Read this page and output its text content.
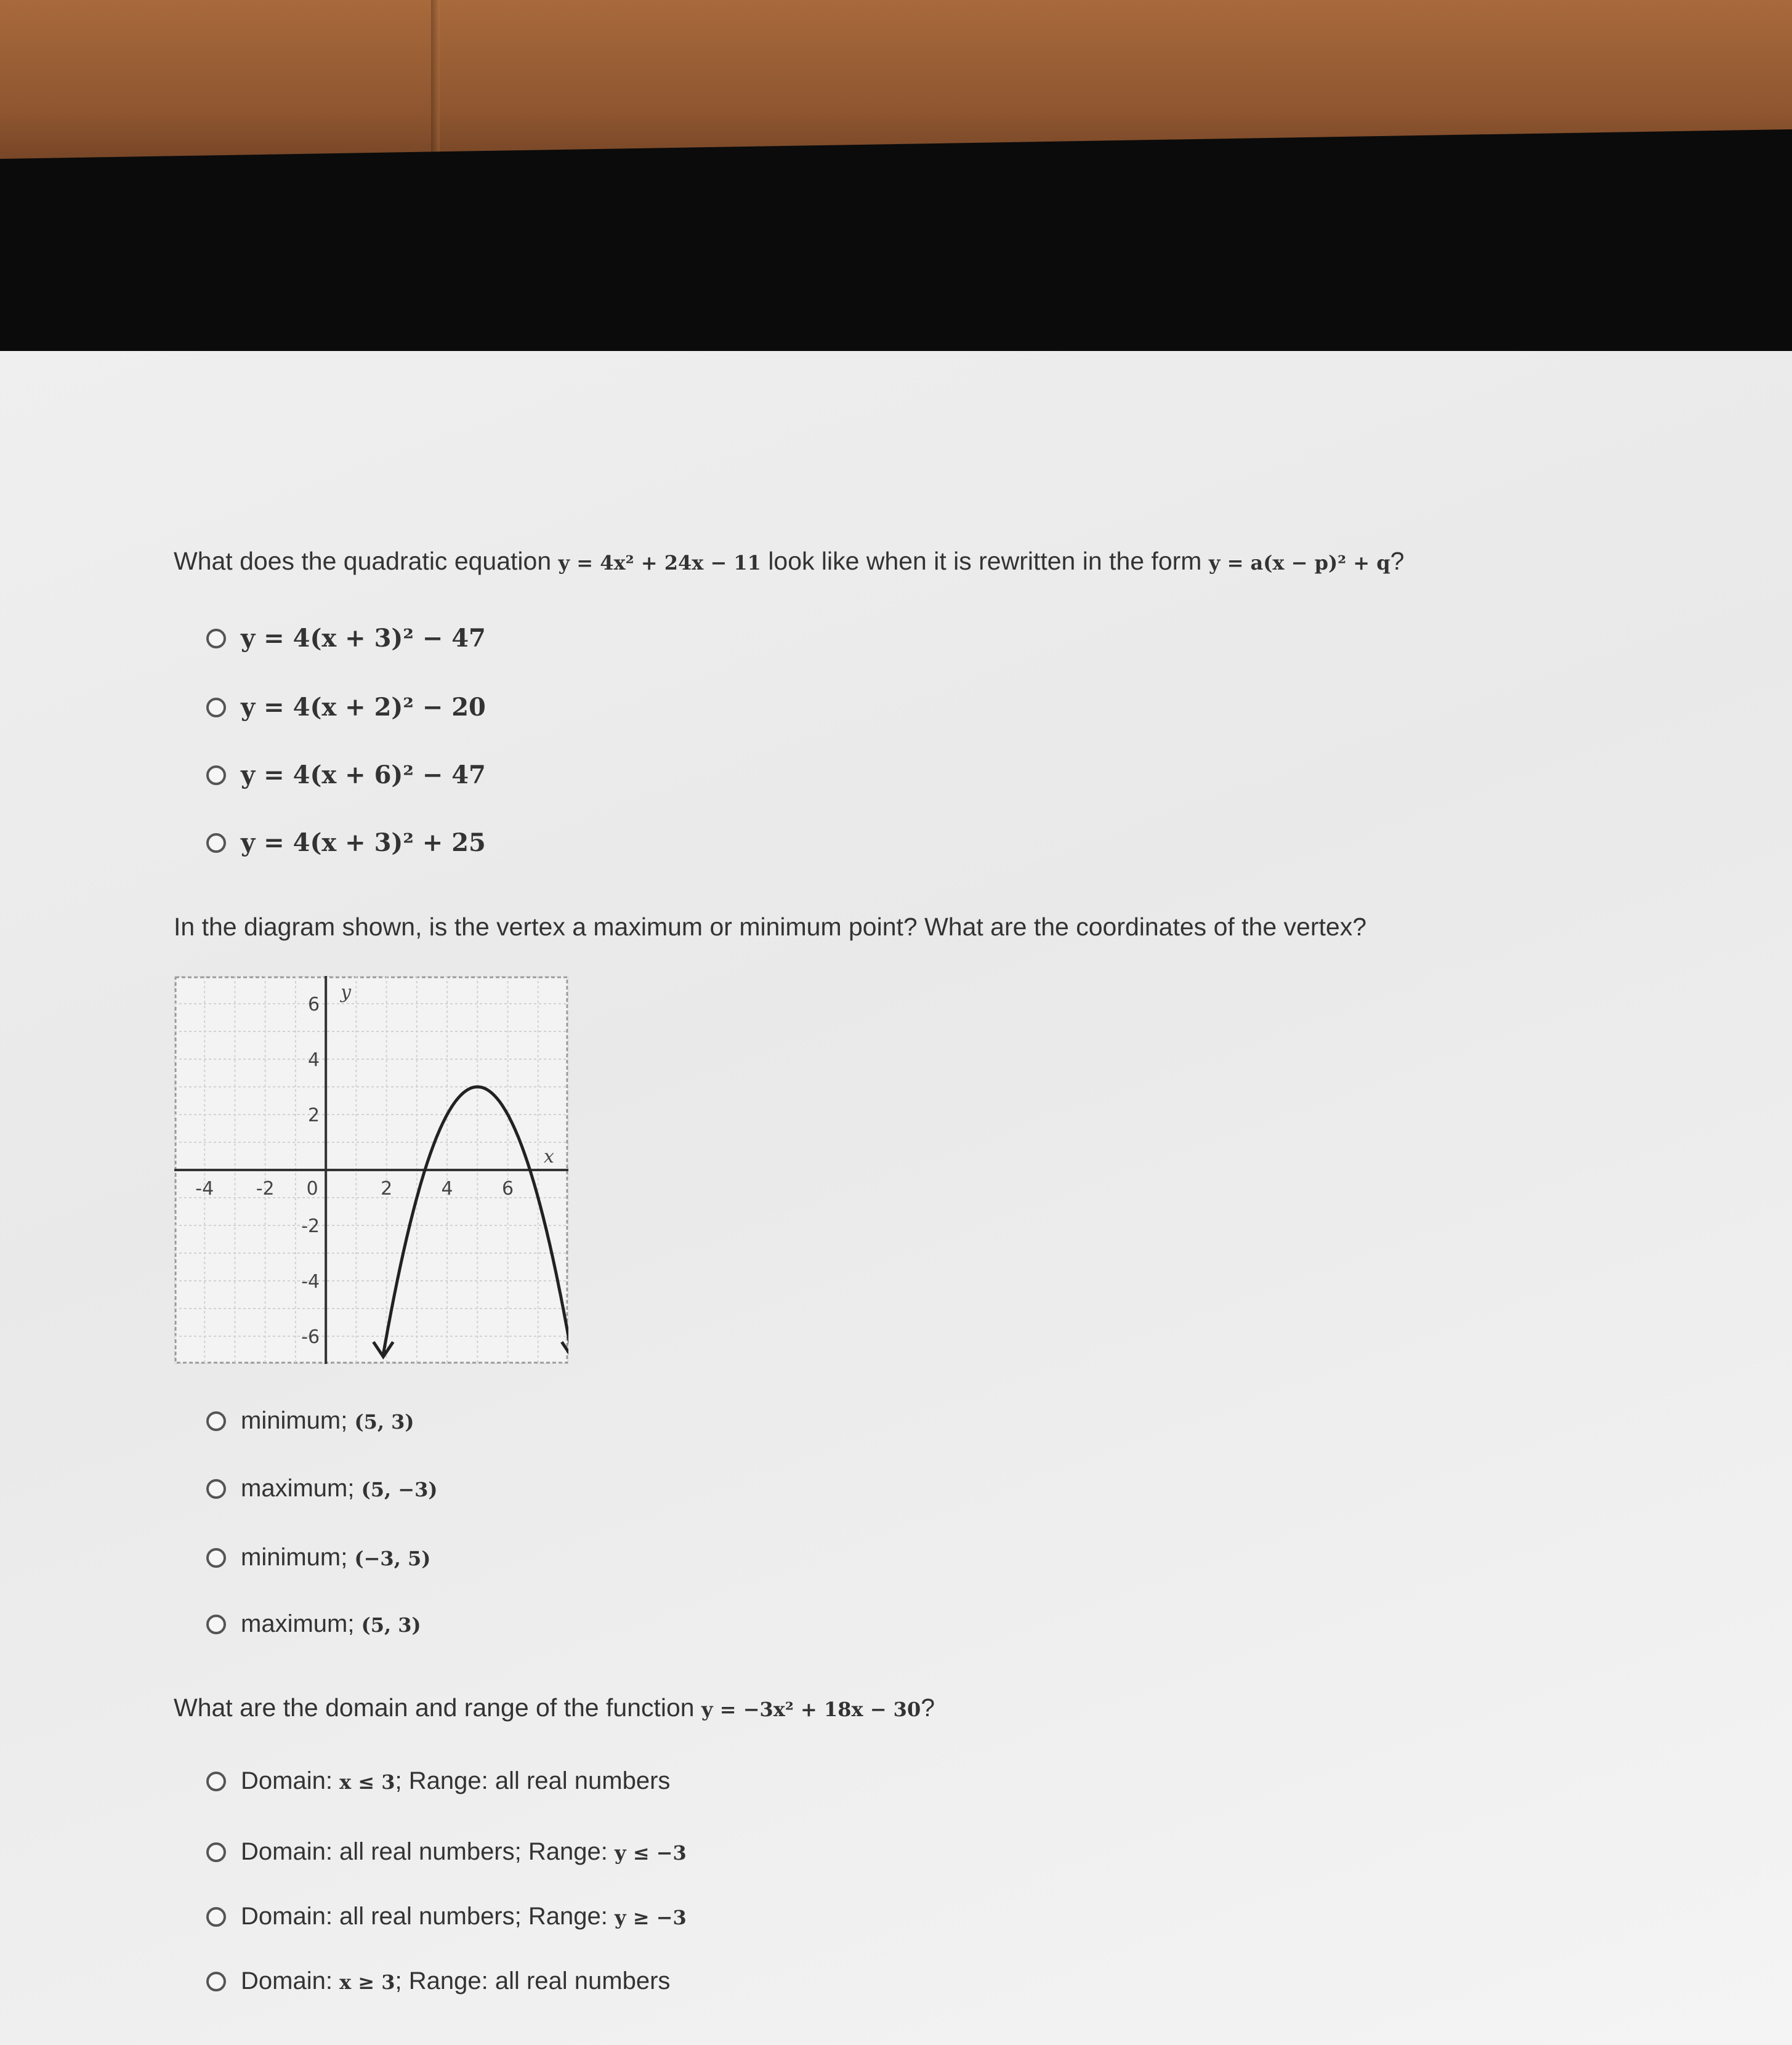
What does the quadratic equation y = 4x² + 24x − 11 look like when it is rewritten in the form y = a(x − p)² + q?
y = 4(x + 3)² − 47
y = 4(x + 2)² − 20
y = 4(x + 6)² − 47
y = 4(x + 3)² + 25
In the diagram shown, is the vertex a maximum or minimum point? What are the coordinates of the vertex?
-4 -2 0	2	4	6
6
4
2
-2
-4
-6
x
y
minimum; (5, 3)
maximum; (5, −3)
minimum; (−3, 5)
maximum; (5, 3)
What are the domain and range of the function y = −3x² + 18x − 30?
Domain: x ≤ 3; Range: all real numbers
Domain: all real numbers; Range: y ≤ −3
Domain: all real numbers; Range: y ≥ −3
Domain: x ≥ 3; Range: all real numbers
